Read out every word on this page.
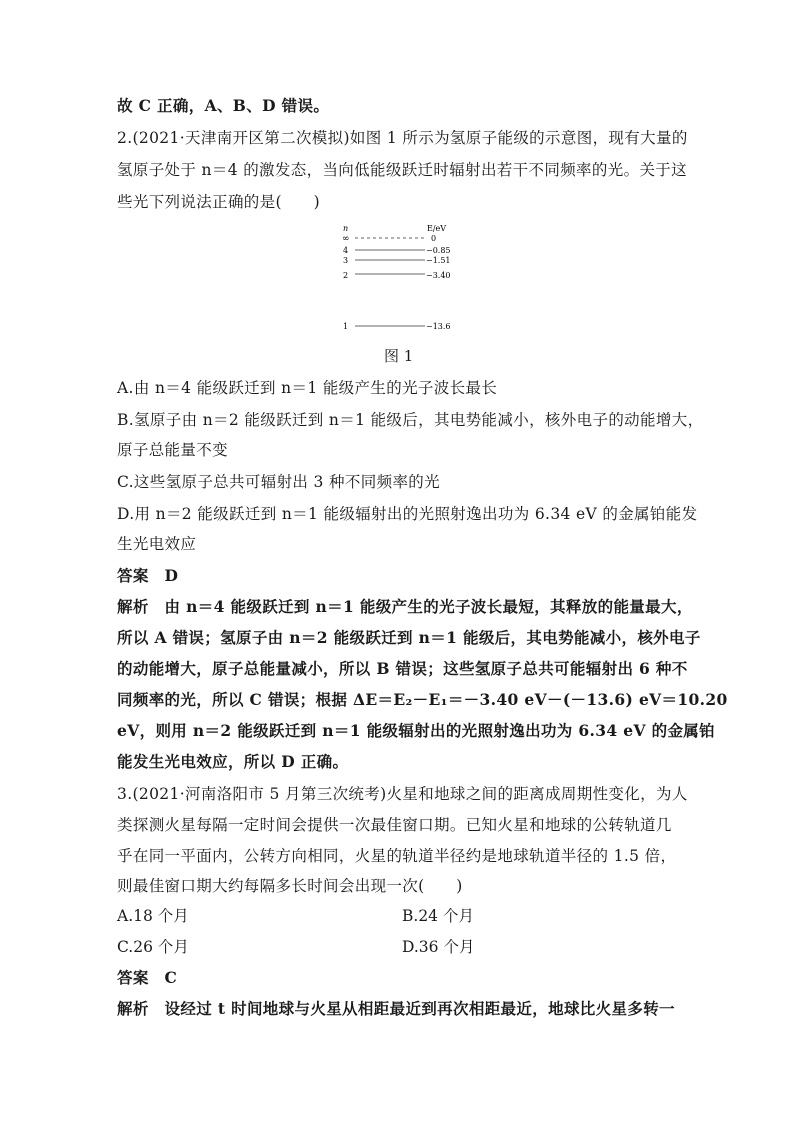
故 C 正确，A、B、D 错误。
2.(2021·天津南开区第二次模拟)如图 1 所示为氢原子能级的示意图，现有大量的
氢原子处于 n＝4 的激发态，当向低能级跃迁时辐射出若干不同频率的光。关于这
些光下列说法正确的是(　　)
n	E/eV
∞	0
4	−0.85
3	−1.51
2	−3.40
1	−13.6
图 1
A.由 n＝4 能级跃迁到 n＝1 能级产生的光子波长最长
B.氢原子由 n＝2 能级跃迁到 n＝1 能级后，其电势能减小，核外电子的动能增大，
原子总能量不变
C.这些氢原子总共可辐射出 3 种不同频率的光
D.用 n＝2 能级跃迁到 n＝1 能级辐射出的光照射逸出功为 6.34 eV 的金属铂能发
生光电效应
答案　D
解析　由 n＝4 能级跃迁到 n＝1 能级产生的光子波长最短，其释放的能量最大，
所以 A 错误；氢原子由 n＝2 能级跃迁到 n＝1 能级后，其电势能减小，核外电子
的动能增大，原子总能量减小，所以 B 错误；这些氢原子总共可能辐射出 6 种不
同频率的光，所以 C 错误；根据 ΔE＝E₂－E₁＝－3.40 eV－(－13.6) eV＝10.20
eV，则用 n＝2 能级跃迁到 n＝1 能级辐射出的光照射逸出功为 6.34 eV 的金属铂
能发生光电效应，所以 D 正确。
3.(2021·河南洛阳市 5 月第三次统考)火星和地球之间的距离成周期性变化，为人
类探测火星每隔一定时间会提供一次最佳窗口期。已知火星和地球的公转轨道几
乎在同一平面内，公转方向相同，火星的轨道半径约是地球轨道半径的 1.5 倍，
则最佳窗口期大约每隔多长时间会出现一次(　　)
A.18 个月	B.24 个月
C.26 个月	D.36 个月
答案　C
解析　设经过 t 时间地球与火星从相距最近到再次相距最近，地球比火星多转一
